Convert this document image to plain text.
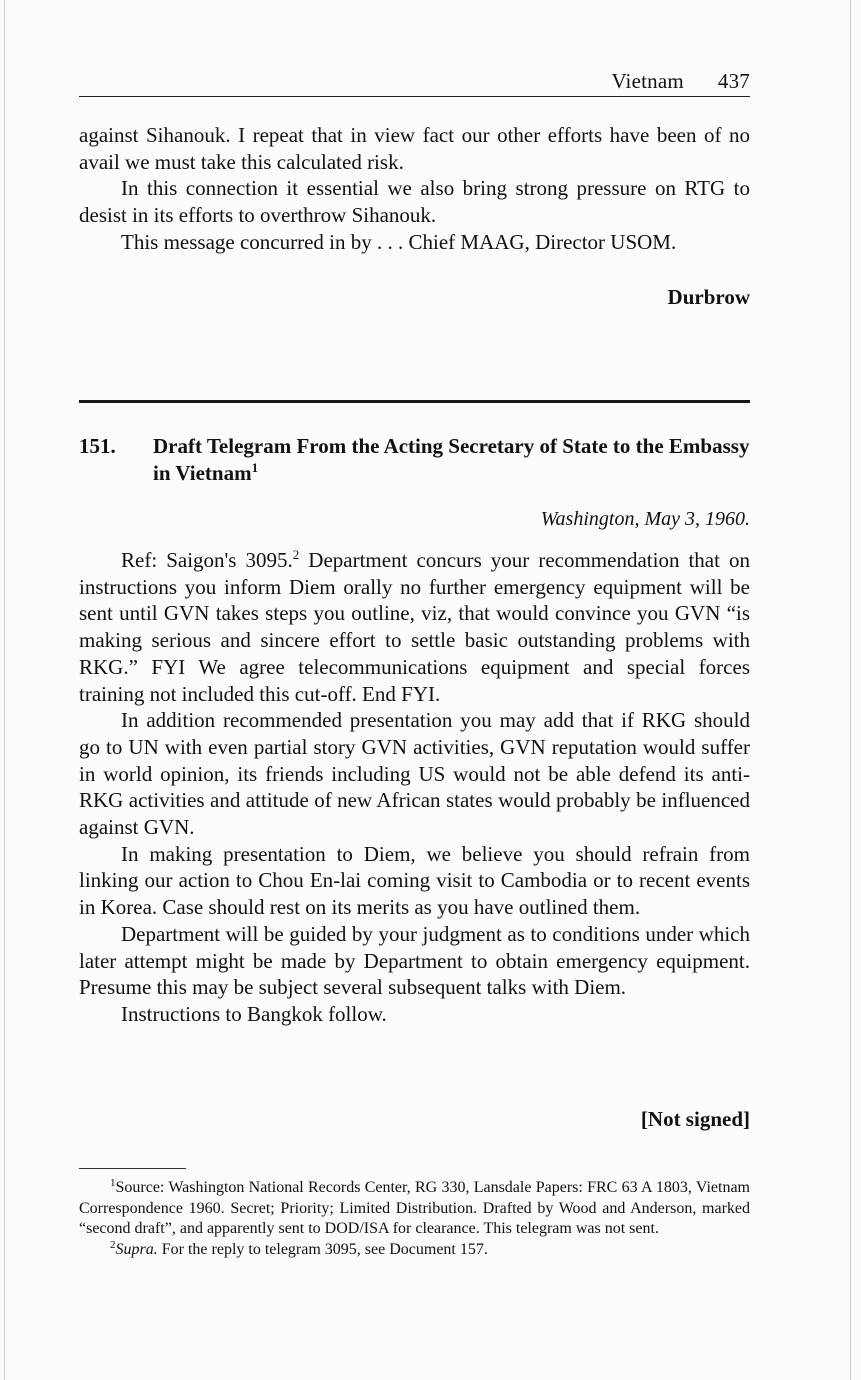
Vietnam 437

against Sihanouk. I repeat that in view fact our other efforts have been of no avail we must take this calculated risk.

In this connection it essential we also bring strong pressure on RTG to desist in its efforts to overthrow Sihanouk.

This message concurred in by . . . Chief MAAG, Director USOM.

Durbrow
151.	Draft Telegram From the Acting Secretary of State to the Embassy in Vietnam$^1$
Washington, May 3, 1960.

Ref: Saigon's 3095.$^2$ Department concurs your recommendation that on instructions you inform Diem orally no further emergency equipment will be sent until GVN takes steps you outline, viz, that would convince you GVN “is making serious and sincere effort to settle basic outstanding problems with RKG.” FYI We agree telecommunications equipment and special forces training not included this cut-off. End FYI.

In addition recommended presentation you may add that if RKG should go to UN with even partial story GVN activities, GVN reputation would suffer in world opinion, its friends including US would not be able defend its anti-RKG activities and attitude of new African states would probably be influenced against GVN.

In making presentation to Diem, we believe you should refrain from linking our action to Chou En-lai coming visit to Cambodia or to recent events in Korea. Case should rest on its merits as you have outlined them.

Department will be guided by your judgment as to conditions under which later attempt might be made by Department to obtain emergency equipment. Presume this may be subject several subsequent talks with Diem.

Instructions to Bangkok follow.

[Not signed]

$^1$Source: Washington National Records Center, RG 330, Lansdale Papers: FRC 63 A 1803, Vietnam Correspondence 1960. Secret; Priority; Limited Distribution. Drafted by Wood and Anderson, marked “second draft”, and apparently sent to DOD/ISA for clearance. This telegram was not sent.

$^2$Supra. For the reply to telegram 3095, see Document 157.
